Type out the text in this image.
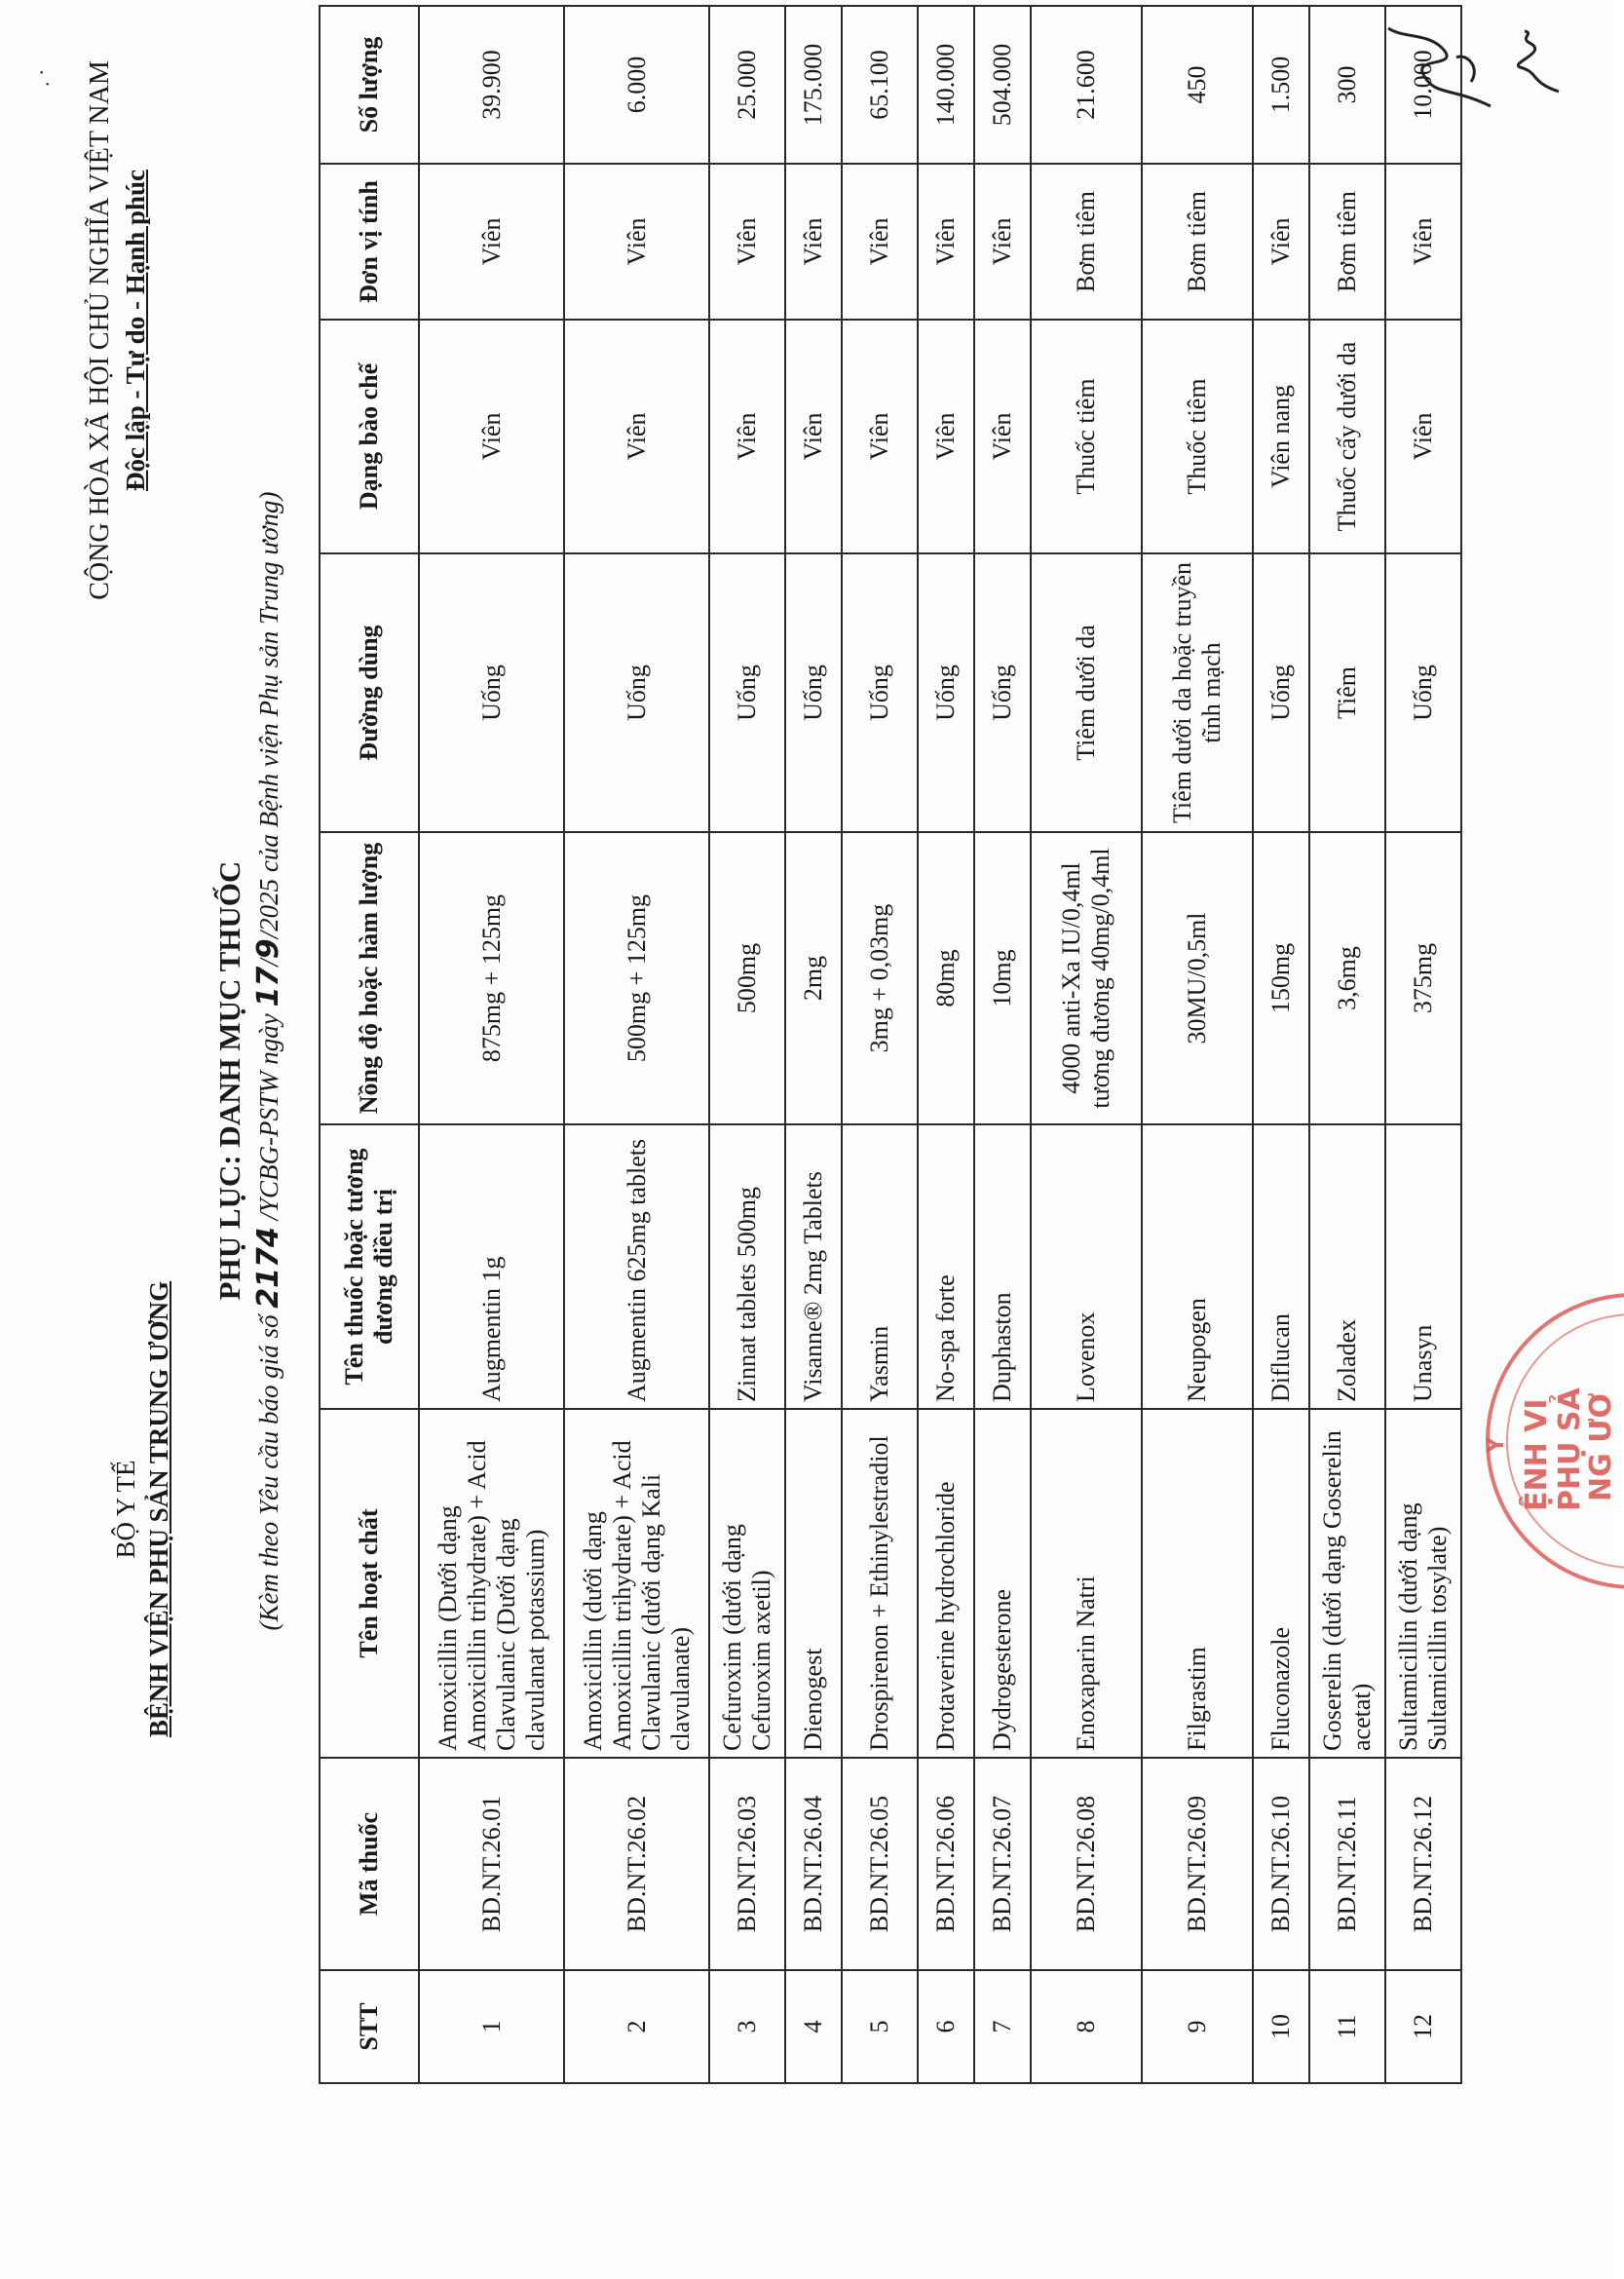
. ·
BỘ Y TẾ BỆNH VIỆN PHỤ SẢN TRUNG ƯƠNG
CỘNG HÒA XÃ HỘI CHỦ NGHĨA VIỆT NAM Độc lập - Tự do - Hạnh phúc
PHỤ LỤC: DANH MỤC THUỐC
(Kèm theo Yêu cầu báo giá số 2174 /YCBG-PSTW ngày 17/9/2025 của Bệnh viện Phụ sản Trung ương)
STT	Mã thuốc	Tên hoạt chất	Tên thuốc hoặc tương đương điều trị	Nồng độ hoặc hàm lượng	Đường dùng	Dạng bào chế	Đơn vị tính	Số lượng
1	BD.NT.26.01	Amoxicillin (Dưới dạng Amoxicillin trihydrate) + Acid Clavulanic (Dưới dạng clavulanat potassium)	Augmentin 1g	875mg + 125mg	Uống	Viên	Viên	39.900
2	BD.NT.26.02	Amoxicillin (dưới dạng Amoxicillin trihydrate) + Acid Clavulanic (dưới dạng Kali clavulanate)	Augmentin 625mg tablets	500mg + 125mg	Uống	Viên	Viên	6.000
3	BD.NT.26.03	Cefuroxim (dưới dạng Cefuroxim axetil)	Zinnat tablets 500mg	500mg	Uống	Viên	Viên	25.000
4	BD.NT.26.04	Dienogest	Visanne® 2mg Tablets	2mg	Uống	Viên	Viên	175.000
5	BD.NT.26.05	Drospirenon + Ethinylestradiol	Yasmin	3mg + 0,03mg	Uống	Viên	Viên	65.100
6	BD.NT.26.06	Drotaverine hydrochloride	No-spa forte	80mg	Uống	Viên	Viên	140.000
7	BD.NT.26.07	Dydrogesterone	Duphaston	10mg	Uống	Viên	Viên	504.000
8	BD.NT.26.08	Enoxaparin Natri	Lovenox	4000 anti-Xa IU/0,4ml tương đương 40mg/0,4ml	Tiêm dưới da	Thuốc tiêm	Bơm tiêm	21.600
9	BD.NT.26.09	Filgrastim	Neupogen	30MU/0,5ml	Tiêm dưới da hoặc truyền tĩnh mạch	Thuốc tiêm	Bơm tiêm	450
10	BD.NT.26.10	Fluconazole	Diflucan	150mg	Uống	Viên nang	Viên	1.500
11	BD.NT.26.11	Goserelin (dưới dạng Goserelin acetat)	Zoladex	3,6mg	Tiêm	Thuốc cấy dưới da	Bơm tiêm	300
12	BD.NT.26.12	Sultamicillin (dưới dạng Sultamicillin tosylate)	Unasyn	375mg	Uống	Viên	Viên	10.000
Y ỆNH VI PHỤ SẢ
NG ƯƠ
